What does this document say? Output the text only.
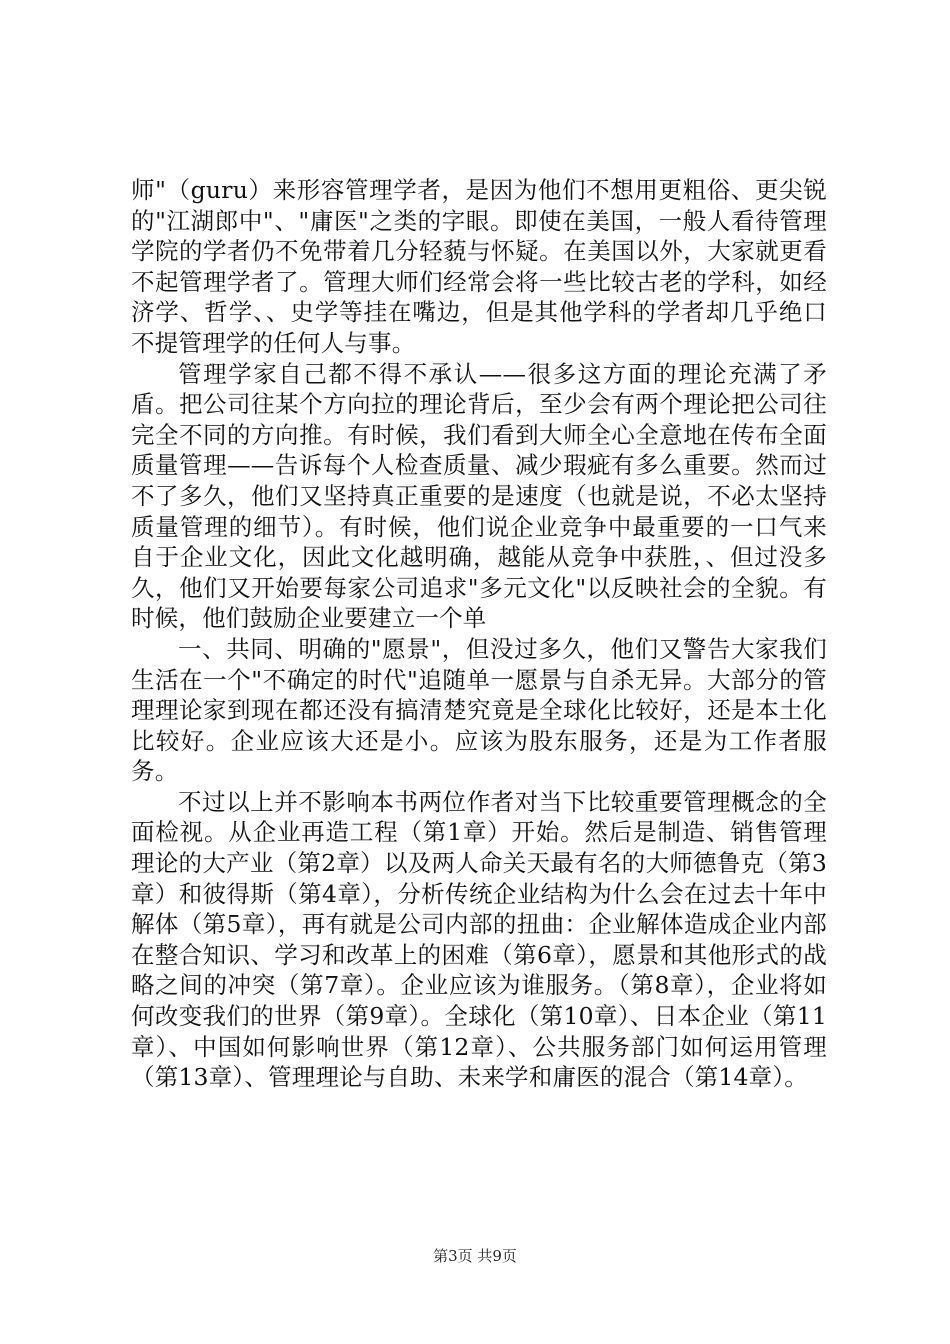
师"（guru）来形容管理学者，是因为他们不想用更粗俗、更尖锐的"江湖郎中"、"庸医"之类的字眼。即使在美国，一般人看待管理学院的学者仍不免带着几分轻藐与怀疑。在美国以外，大家就更看不起管理学者了。管理大师们经常会将一些比较古老的学科，如经济学、哲学、、史学等挂在嘴边，但是其他学科的学者却几乎绝口不提管理学的任何人与事。

管理学家自己都不得不承认——很多这方面的理论充满了矛盾。把公司往某个方向拉的理论背后，至少会有两个理论把公司往完全不同的方向推。有时候，我们看到大师全心全意地在传布全面质量管理——告诉每个人检查质量、减少瑕疵有多么重要。然而过不了多久，他们又坚持真正重要的是速度（也就是说，不必太坚持质量管理的细节）。有时候，他们说企业竞争中最重要的一口气来自于企业文化，因此文化越明确，越能从竞争中获胜，、但过没多久，他们又开始要每家公司追求"多元文化"以反映社会的全貌。有时候，他们鼓励企业要建立一个单

一、共同、明确的"愿景"，但没过多久，他们又警告大家我们生活在一个"不确定的时代"追随单一愿景与自杀无异。大部分的管理理论家到现在都还没有搞清楚究竟是全球化比较好，还是本土化比较好。企业应该大还是小。应该为股东服务，还是为工作者服务。

不过以上并不影响本书两位作者对当下比较重要管理概念的全面检视。从企业再造工程（第1章）开始。然后是制造、销售管理理论的大产业（第2章）以及两人命关天最有名的大师德鲁克（第3章）和彼得斯（第4章），分析传统企业结构为什么会在过去十年中解体（第5章），再有就是公司内部的扭曲：企业解体造成企业内部在整合知识、学习和改革上的困难（第6章），愿景和其他形式的战略之间的冲突（第7章）。企业应该为谁服务。（第8章），企业将如何改变我们的世界（第9章）。全球化（第10章）、日本企业（第11章）、中国如何影响世界（第12章）、公共服务部门如何运用管理（第13章）、管理理论与自助、未来学和庸医的混合（第14章）。

第3页 共9页
